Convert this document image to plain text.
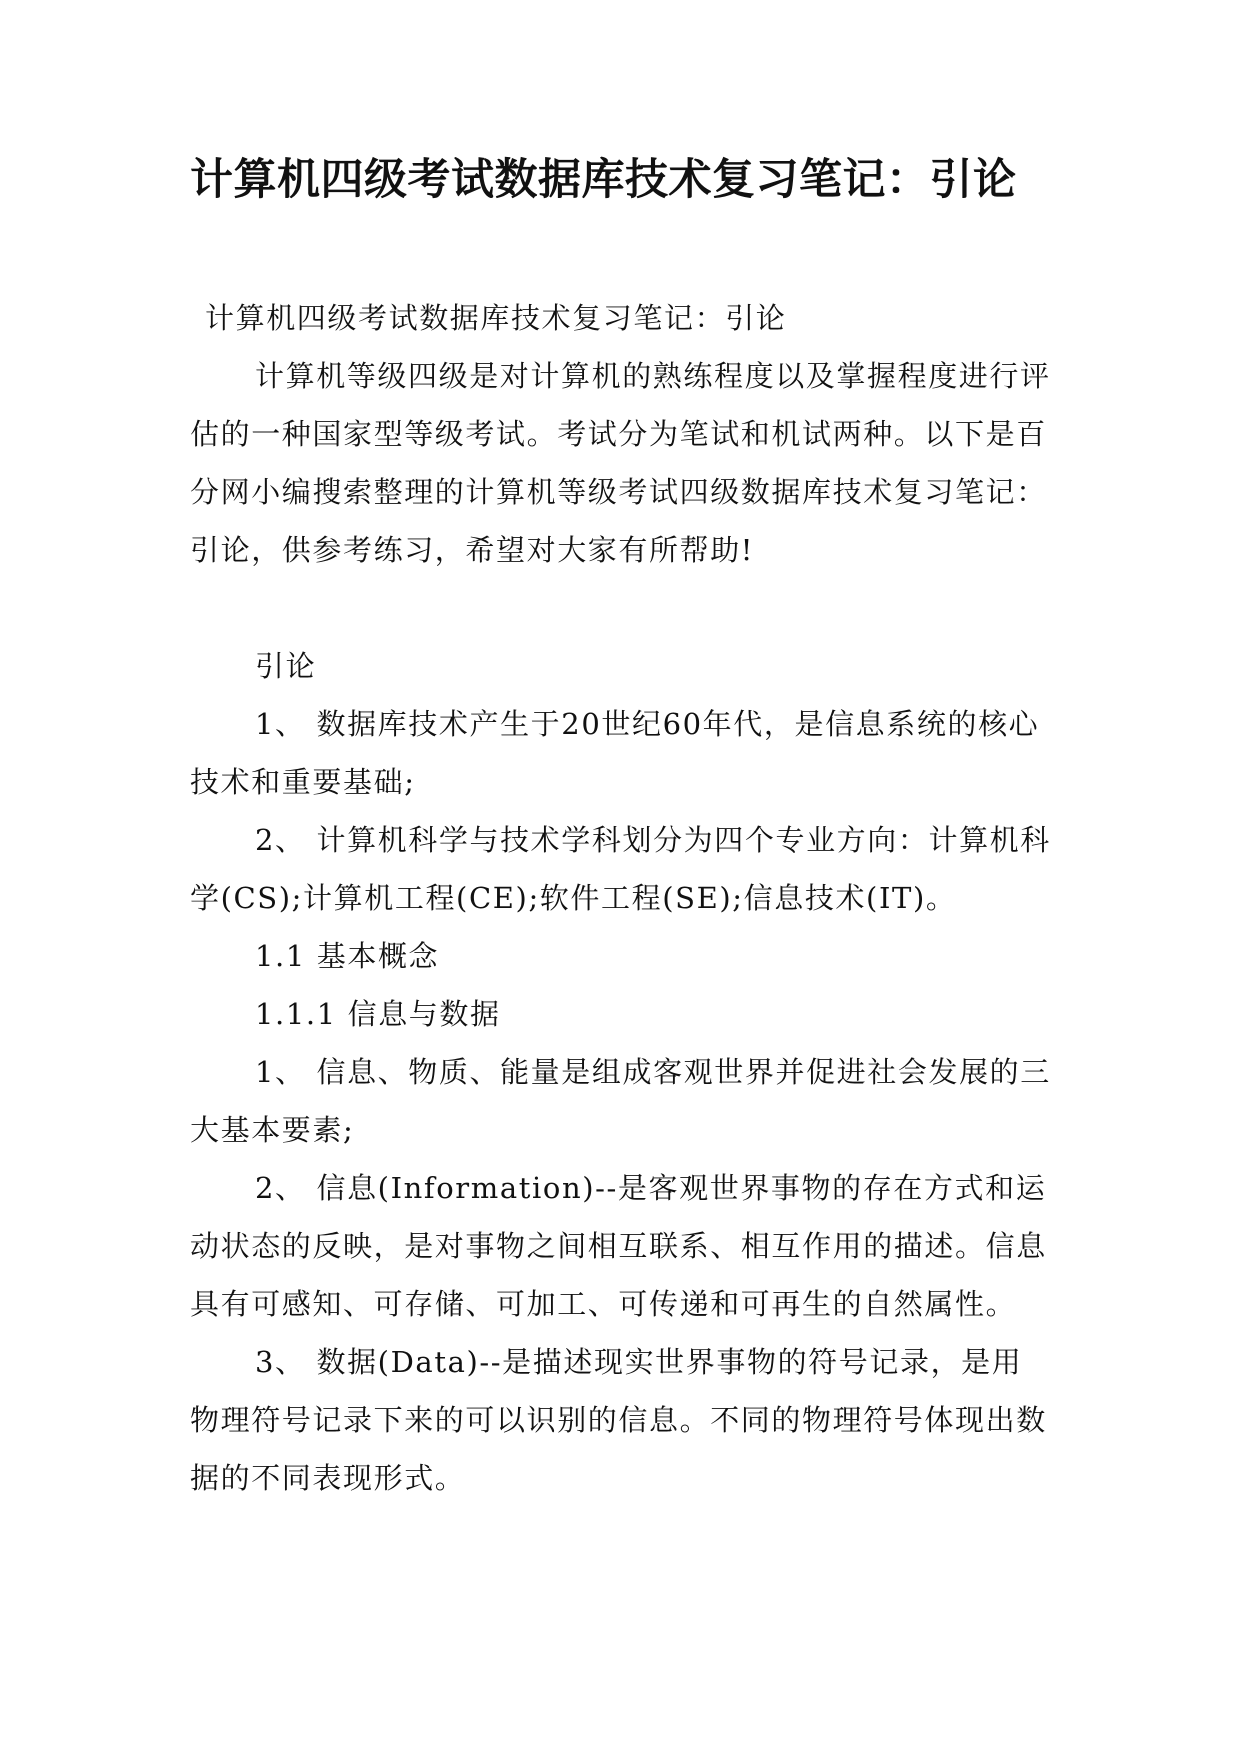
计算机四级考试数据库技术复习笔记：引论

计算机四级考试数据库技术复习笔记：引论

计算机等级四级是对计算机的熟练程度以及掌握程度进行评估的一种国家型等级考试。考试分为笔试和机试两种。以下是百分网小编搜索整理的计算机等级考试四级数据库技术复习笔记：引论，供参考练习，希望对大家有所帮助!

引论

1、 数据库技术产生于20世纪60年代，是信息系统的核心技术和重要基础;

2、 计算机科学与技术学科划分为四个专业方向：计算机科学(CS);计算机工程(CE);软件工程(SE);信息技术(IT)。

1.1 基本概念

1.1.1 信息与数据

1、 信息、物质、能量是组成客观世界并促进社会发展的三大基本要素;

2、 信息(Information)--是客观世界事物的存在方式和运动状态的反映，是对事物之间相互联系、相互作用的描述。信息具有可感知、可存储、可加工、可传递和可再生的自然属性。

3、 数据(Data)--是描述现实世界事物的符号记录，是用物理符号记录下来的可以识别的信息。不同的物理符号体现出数据的不同表现形式。
